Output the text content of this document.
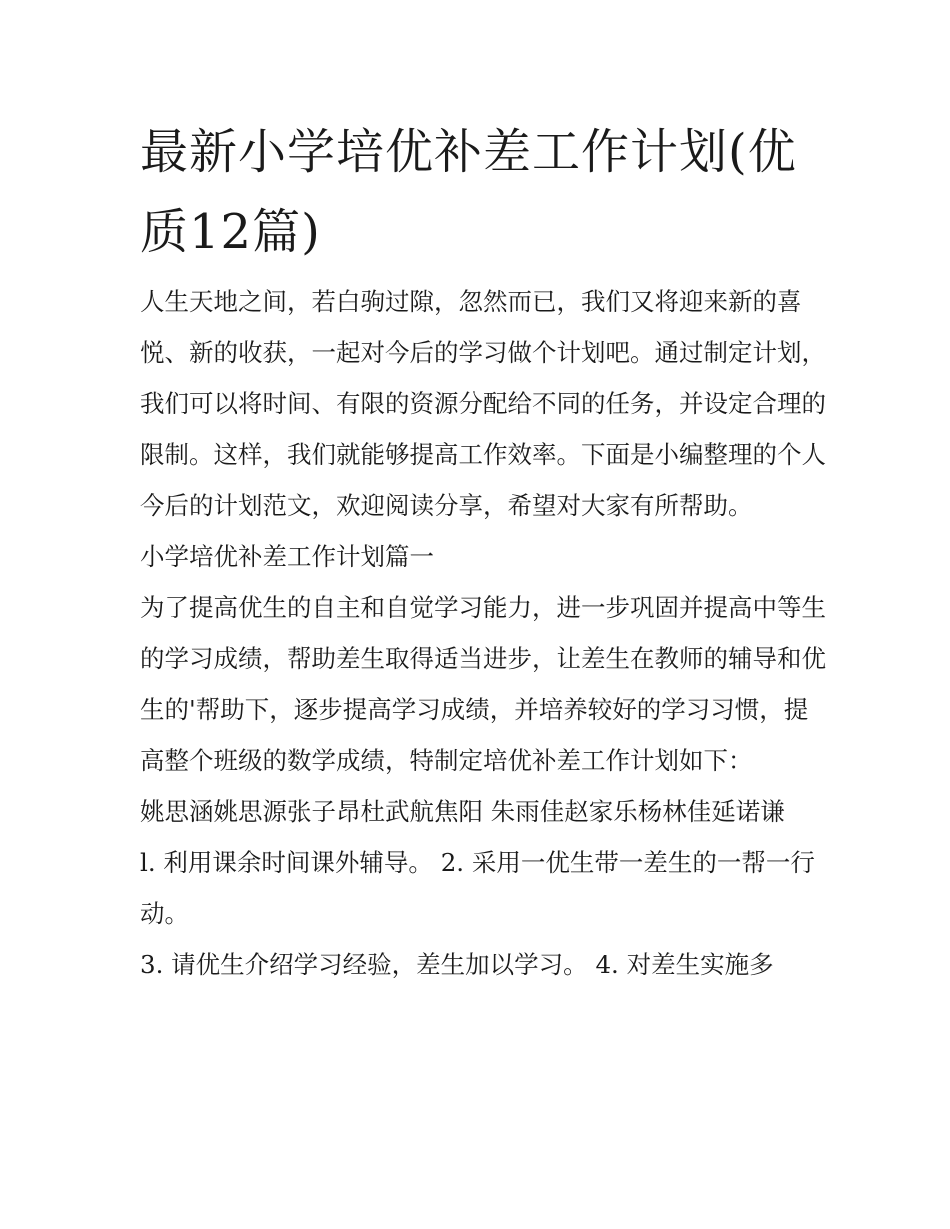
最新小学培优补差工作计划(优质12篇)

人生天地之间，若白驹过隙，忽然而已，我们又将迎来新的喜悦、新的收获，一起对今后的学习做个计划吧。通过制定计划，我们可以将时间、有限的资源分配给不同的任务，并设定合理的限制。这样，我们就能够提高工作效率。下面是小编整理的个人今后的计划范文，欢迎阅读分享，希望对大家有所帮助。

小学培优补差工作计划篇一

为了提高优生的自主和自觉学习能力，进一步巩固并提高中等生的学习成绩，帮助差生取得适当进步，让差生在教师的辅导和优生的'帮助下，逐步提高学习成绩，并培养较好的学习习惯，提高整个班级的数学成绩，特制定培优补差工作计划如下：

姚思涵姚思源张子昂杜武航焦阳 朱雨佳赵家乐杨林佳延诺谦

l. 利用课余时间课外辅导。 2. 采用一优生带一差生的一帮一行动。

3. 请优生介绍学习经验，差生加以学习。 4. 对差生实施多
